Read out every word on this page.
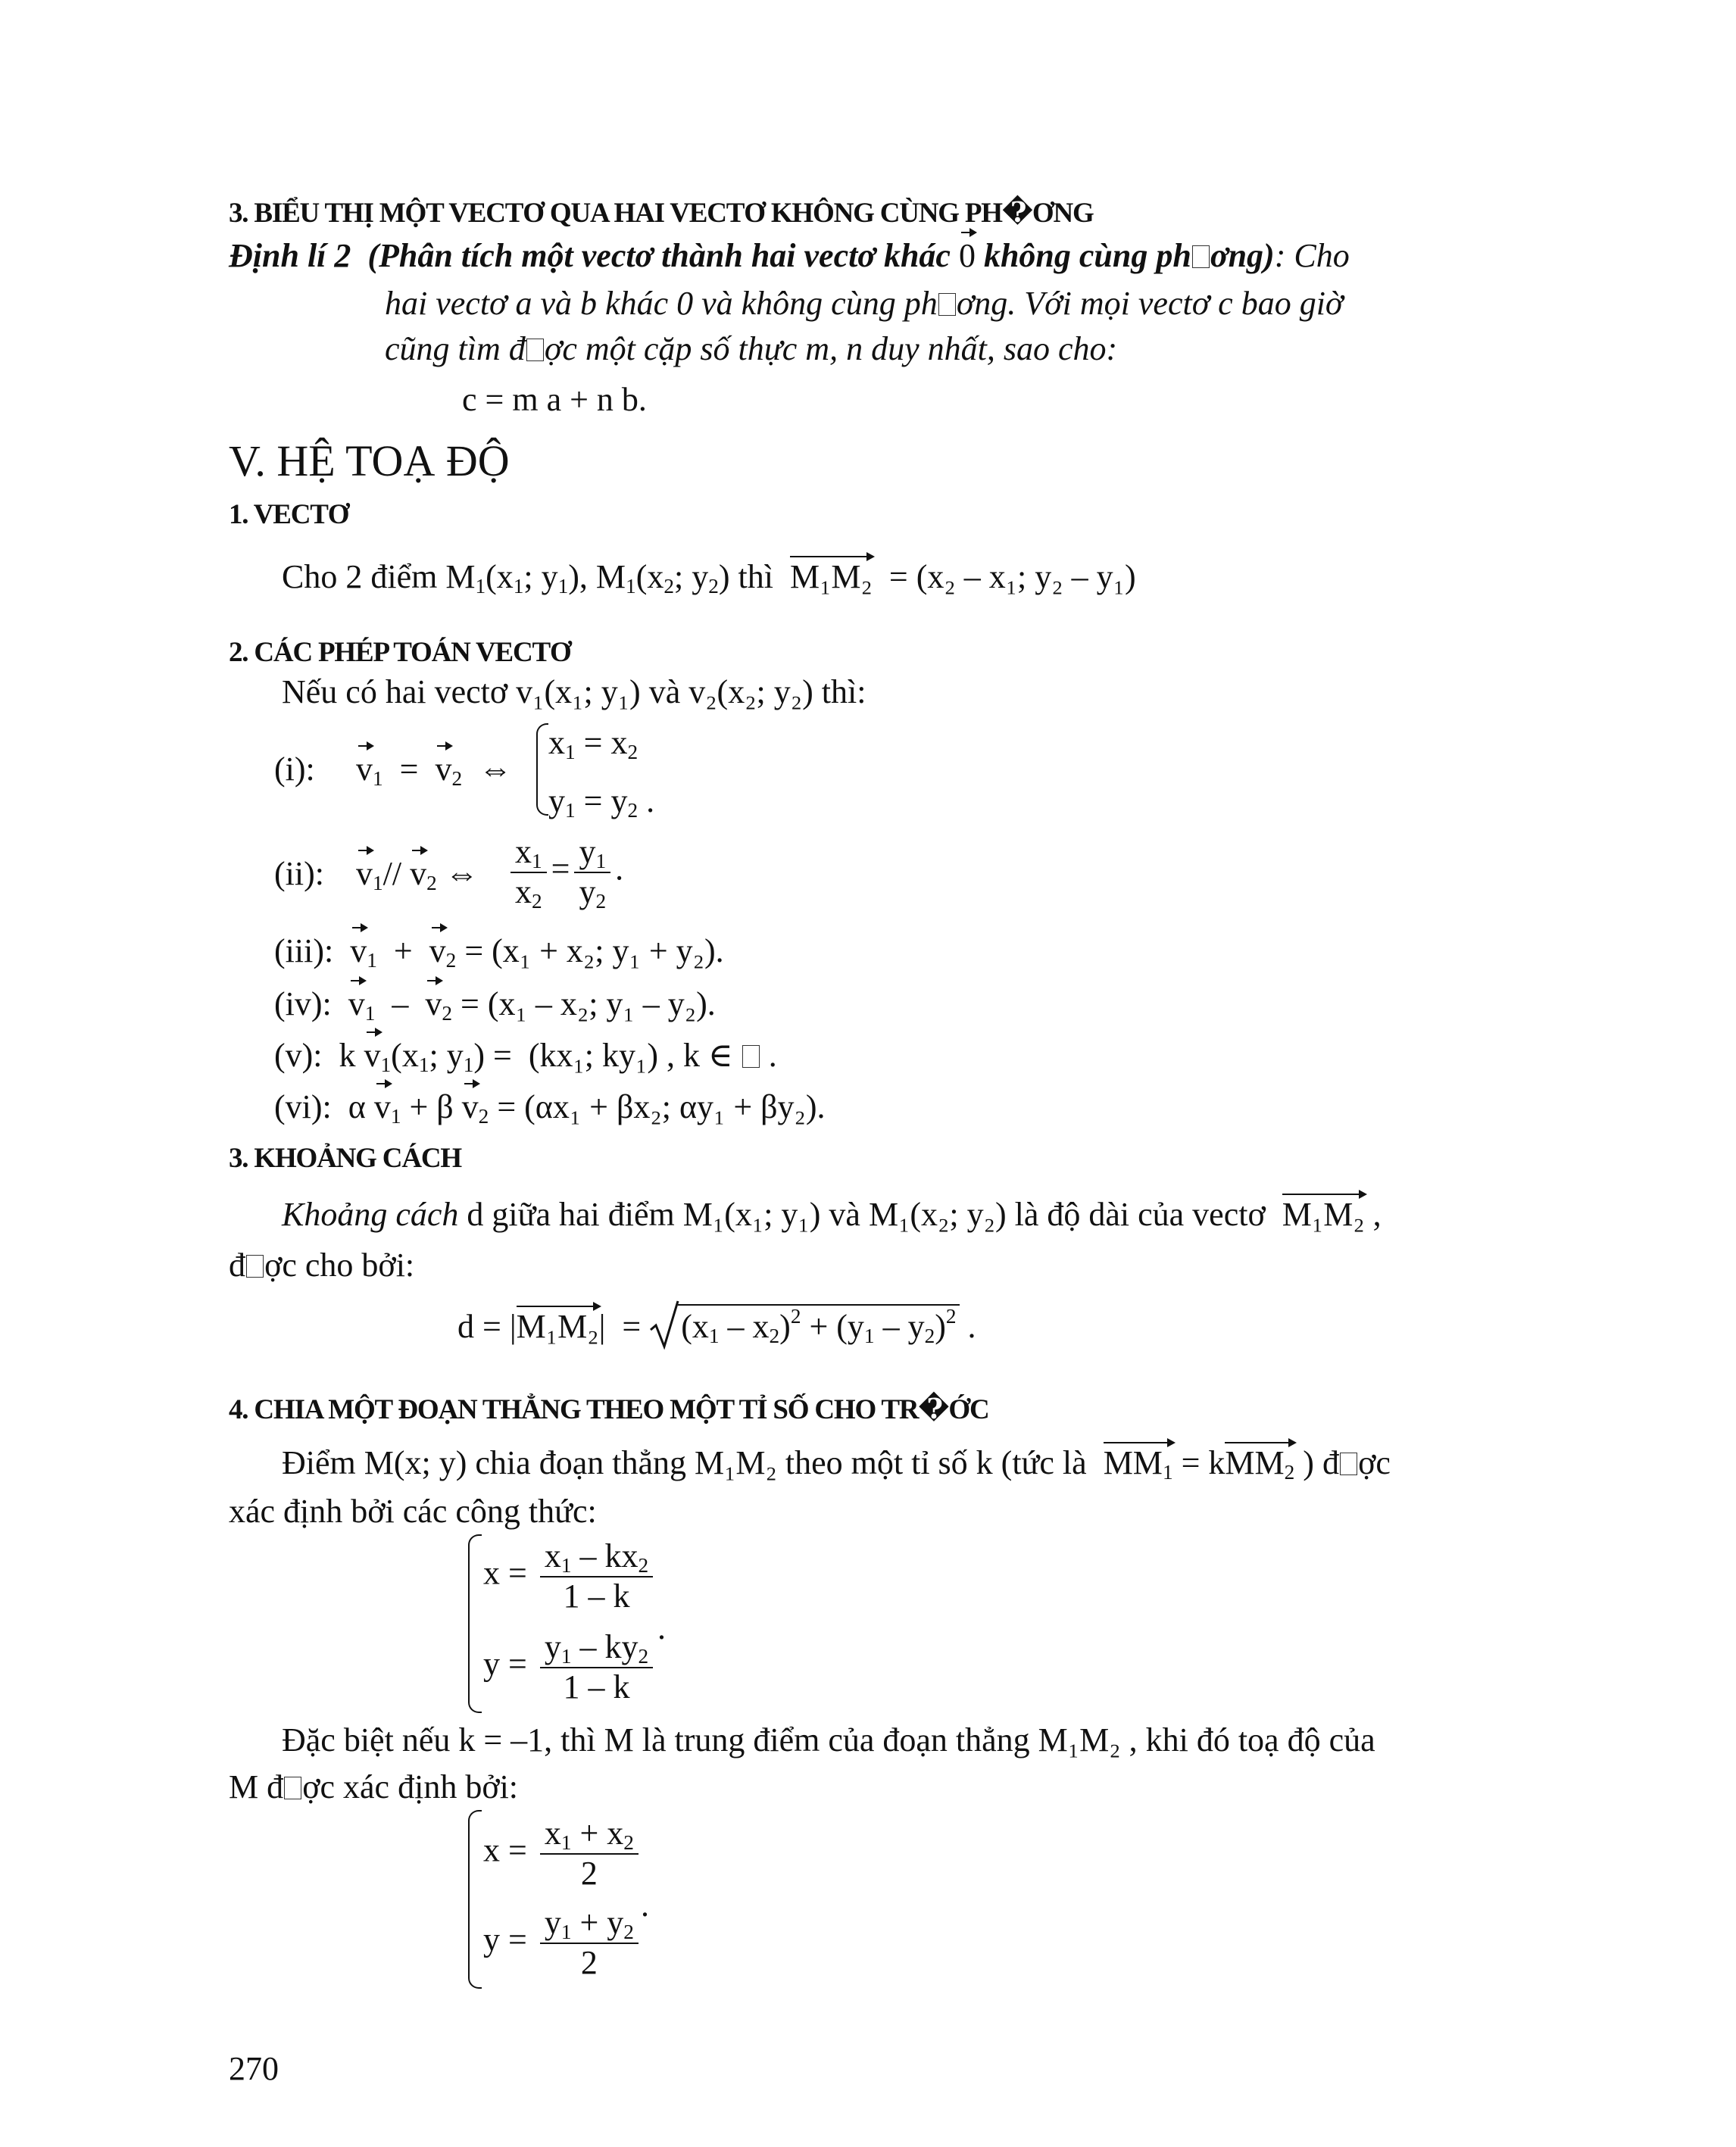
3. BIỂU THỊ MỘT VECTƠ QUA HAI VECTƠ KHÔNG CÙNG PH�ƠNG
Định lí 2 (Phân tích một vectơ thành hai vectơ khác 0 không cùng ph ơng): Cho
hai vectơ a và b khác 0 và không cùng ph ơng. Với mọi vectơ c bao giờ
cũng tìm đ ợc một cặp số thực m, n duy nhất, sao cho:
c = m a + n b.
V. HỆ TOẠ ĐỘ
1. VECTƠ
Cho 2 điểm $M_1(x_1$; $y_1$), $M_1(x_2$; $y_2$) thì M₁M₂ = (x₂ – x₁; y₂ – y₁)
2. CÁC PHÉP TOÁN VECTƠ
Nếu có hai vectơ v₁(x₁; y₁) và v₂(x₂; y₂) thì:
(i): $v_1 = v_2$  ⇔
$x_1 = x_2$
$y_1 = y_2$ .
(ii): $v_1//$ $v_2$ ⇔ $\frac{x_1}{x_2} = \frac{y_1}{y_2}$ .
(iii): $v_1 + v_2 = (x_1 + x_2$; y₁ + y₂).
(iv): $v_1 - v_2 = (x_1 - x_2$; y₁ – y₂).
(v):  k $v_1(x_1$; $y_1) = (kx_1$; ky₁) , k ∈  .
(vi):  α $v_1 + \beta$ $v_2 = (\alpha x_1 + \beta x_2$; αy₁ + βy₂).
3. KHOẢNG CÁCH
Khoảng cách d giữa hai điểm M₁(x₁; y₁) và M₁(x₂; y₂) là độ dài của vectơ M₁M₂ ,
đ ợc cho bởi:
$d = |M_1M_2| = (x_1 - x_2)^2 + (y_1 - y_2)^2$ .
4. CHIA MỘT ĐOẠN THẲNG THEO MỘT TỈ SỐ CHO TR�ỚC
Điểm M(x; y) chia đoạn thẳng M₁M₂ theo một tỉ số k (tức là $MM_1 = kMM_2$ ) đ ợc
xác định bởi các công thức:
$x = \frac{x_1 - kx_2}{1 - k}$
.
$y = \frac{y_1 - ky_2}{1 - k}$
Đặc biệt nếu k = –1, thì M là trung điểm của đoạn thẳng M₁M₂ , khi đó toạ độ của
M đ ợc xác định bởi:
$x = \frac{x_1 + x_2}{2}$
.
$y = \frac{y_1 + y_2}{2}$
270
